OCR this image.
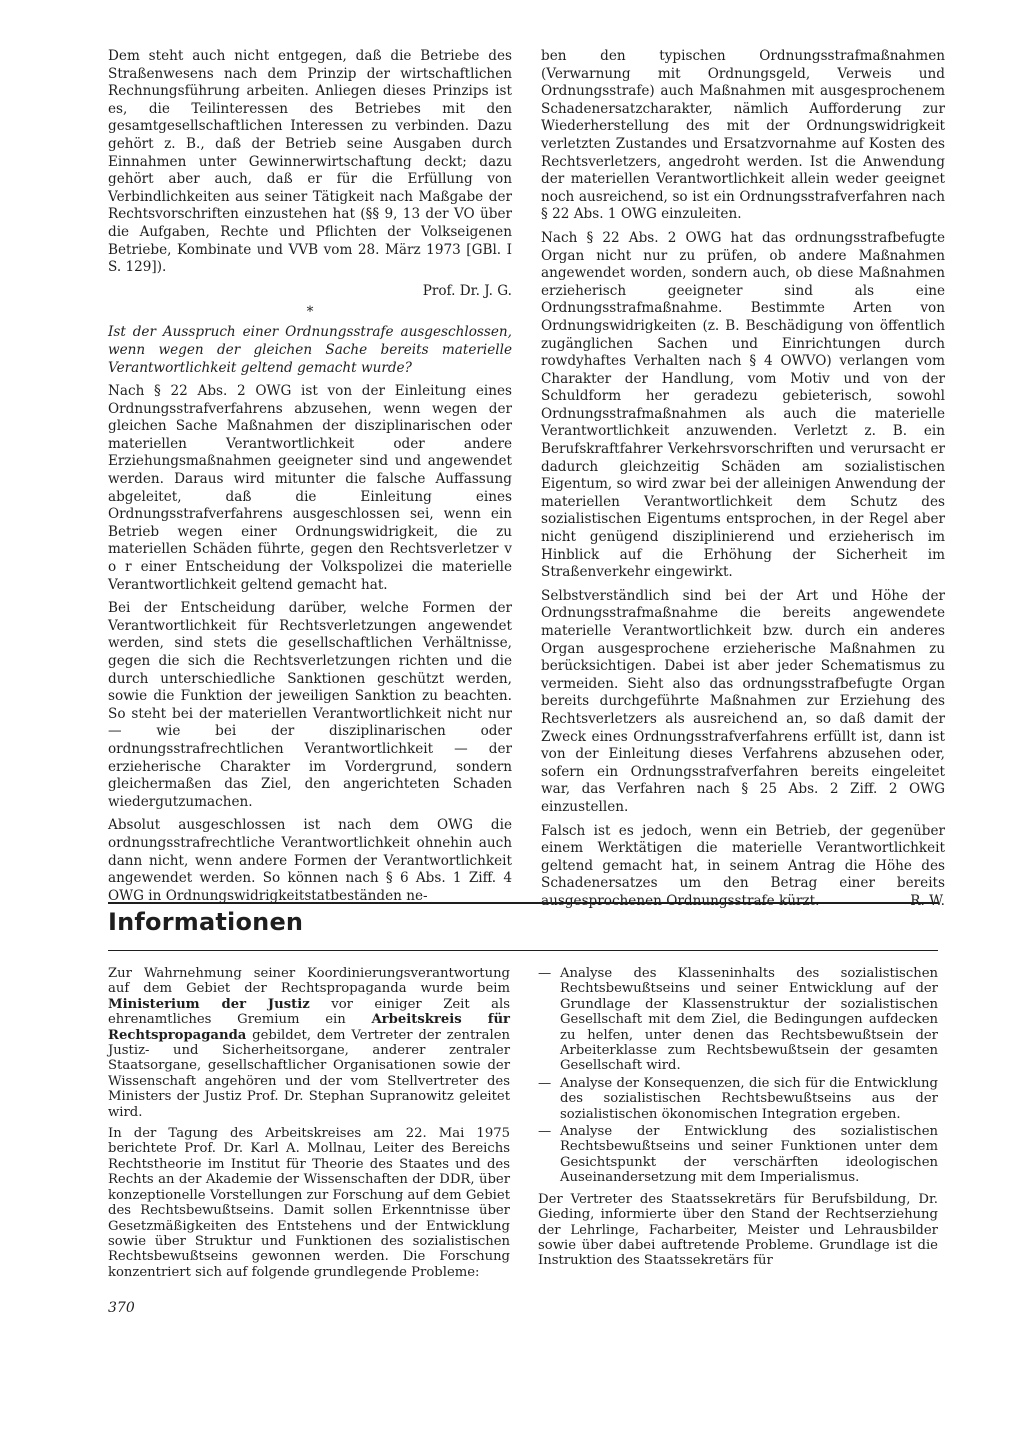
Dem steht auch nicht entgegen, daß die Betriebe des Straßenwesens nach dem Prinzip der wirtschaftlichen Rechnungsführung arbeiten. Anliegen dieses Prinzips ist es, die Teilinteressen des Betriebes mit den gesamtgesellschaftlichen Interessen zu verbinden. Dazu gehört z. B., daß der Betrieb seine Ausgaben durch Einnahmen unter Gewinnerwirtschaftung deckt; dazu gehört aber auch, daß er für die Erfüllung von Verbindlichkeiten aus seiner Tätigkeit nach Maßgabe der Rechtsvorschriften einzustehen hat (§§ 9, 13 der VO über die Aufgaben, Rechte und Pflichten der Volkseigenen Betriebe, Kombinate und VVB vom 28. März 1973 [GBl. I S. 129]).

Prof. Dr. J. G.

*

Ist der Ausspruch einer Ordnungsstrafe ausgeschlossen, wenn wegen der gleichen Sache bereits materielle Verantwortlichkeit geltend gemacht wurde?

Nach § 22 Abs. 2 OWG ist von der Einleitung eines Ordnungsstrafverfahrens abzusehen, wenn wegen der gleichen Sache Maßnahmen der disziplinarischen oder materiellen Verantwortlichkeit oder andere Erziehungsmaßnahmen geeigneter sind und angewendet werden. Daraus wird mitunter die falsche Auffassung abgeleitet, daß die Einleitung eines Ordnungsstrafverfahrens ausgeschlossen sei, wenn ein Betrieb wegen einer Ordnungswidrigkeit, die zu materiellen Schäden führte, gegen den Rechtsverletzer v o r einer Entscheidung der Volkspolizei die materielle Verantwortlichkeit geltend gemacht hat.

Bei der Entscheidung darüber, welche Formen der Verantwortlichkeit für Rechtsverletzungen angewendet werden, sind stets die gesellschaftlichen Verhältnisse, gegen die sich die Rechtsverletzungen richten und die durch unterschiedliche Sanktionen geschützt werden, sowie die Funktion der jeweiligen Sanktion zu beachten. So steht bei der materiellen Verantwortlichkeit nicht nur — wie bei der disziplinarischen oder ordnungsstrafrechtlichen Verantwortlichkeit — der erzieherische Charakter im Vordergrund, sondern gleichermaßen das Ziel, den angerichteten Schaden wiedergutzumachen.

Absolut ausgeschlossen ist nach dem OWG die ordnungsstrafrechtliche Verantwortlichkeit ohnehin auch dann nicht, wenn andere Formen der Verantwortlichkeit angewendet werden. So können nach § 6 Abs. 1 Ziff. 4 OWG in Ordnungswidrigkeitstatbeständen ne-

ben den typischen Ordnungsstrafmaßnahmen (Verwarnung mit Ordnungsgeld, Verweis und Ordnungsstrafe) auch Maßnahmen mit ausgesprochenem Schadenersatzcharakter, nämlich Aufforderung zur Wiederherstellung des mit der Ordnungswidrigkeit verletzten Zustandes und Ersatzvornahme auf Kosten des Rechtsverletzers, angedroht werden. Ist die Anwendung der materiellen Verantwortlichkeit allein weder geeignet noch ausreichend, so ist ein Ordnungsstrafverfahren nach § 22 Abs. 1 OWG einzuleiten.

Nach § 22 Abs. 2 OWG hat das ordnungsstrafbefugte Organ nicht nur zu prüfen, ob andere Maßnahmen angewendet worden, sondern auch, ob diese Maßnahmen erzieherisch geeigneter sind als eine Ordnungsstrafmaßnahme. Bestimmte Arten von Ordnungswidrigkeiten (z. B. Beschädigung von öffentlich zugänglichen Sachen und Einrichtungen durch rowdyhaftes Verhalten nach § 4 OWVO) verlangen vom Charakter der Handlung, vom Motiv und von der Schuldform her geradezu gebieterisch, sowohl Ordnungsstrafmaßnahmen als auch die materielle Verantwortlichkeit anzuwenden. Verletzt z. B. ein Berufskraftfahrer Verkehrsvorschriften und verursacht er dadurch gleichzeitig Schäden am sozialistischen Eigentum, so wird zwar bei der alleinigen Anwendung der materiellen Verantwortlichkeit dem Schutz des sozialistischen Eigentums entsprochen, in der Regel aber nicht genügend disziplinierend und erzieherisch im Hinblick auf die Erhöhung der Sicherheit im Straßenverkehr eingewirkt.

Selbstverständlich sind bei der Art und Höhe der Ordnungsstrafmaßnahme die bereits angewendete materielle Verantwortlichkeit bzw. durch ein anderes Organ ausgesprochene erzieherische Maßnahmen zu berücksichtigen. Dabei ist aber jeder Schematismus zu vermeiden. Sieht also das ordnungsstrafbefugte Organ bereits durchgeführte Maßnahmen zur Erziehung des Rechtsverletzers als ausreichend an, so daß damit der Zweck eines Ordnungsstrafverfahrens erfüllt ist, dann ist von der Einleitung dieses Verfahrens abzusehen oder, sofern ein Ordnungsstrafverfahren bereits eingeleitet war, das Verfahren nach § 25 Abs. 2 Ziff. 2 OWG einzustellen.

Falsch ist es jedoch, wenn ein Betrieb, der gegenüber einem Werktätigen die materielle Verantwortlichkeit geltend gemacht hat, in seinem Antrag die Höhe des Schadenersatzes um den Betrag einer bereits ausgesprochenen Ordnungsstrafe kürzt.	R. W.

Informationen

Zur Wahrnehmung seiner Koordinierungsverantwortung auf dem Gebiet der Rechtspropaganda wurde beim Ministerium der Justiz vor einiger Zeit als ehrenamtliches Gremium ein Arbeitskreis für Rechtspropaganda gebildet, dem Vertreter der zentralen Justiz- und Sicherheitsorgane, anderer zentraler Staatsorgane, gesellschaftlicher Organisationen sowie der Wissenschaft angehören und der vom Stellvertreter des Ministers der Justiz Prof. Dr. Stephan Supranowitz geleitet wird.

In der Tagung des Arbeitskreises am 22. Mai 1975 berichtete Prof. Dr. Karl A. Mollnau, Leiter des Bereichs Rechtstheorie im Institut für Theorie des Staates und des Rechts an der Akademie der Wissenschaften der DDR, über konzeptionelle Vorstellungen zur Forschung auf dem Gebiet des Rechtsbewußtseins. Damit sollen Erkenntnisse über Gesetzmäßigkeiten des Entstehens und der Entwicklung sowie über Struktur und Funktionen des sozialistischen Rechtsbewußtseins gewonnen werden. Die Forschung konzentriert sich auf folgende grundlegende Probleme:

— Analyse des Klasseninhalts des sozialistischen Rechtsbewußtseins und seiner Entwicklung auf der Grundlage der Klassenstruktur der sozialistischen Gesellschaft mit dem Ziel, die Bedingungen aufdecken zu helfen, unter denen das Rechtsbewußtsein der Arbeiterklasse zum Rechtsbewußtsein der gesamten Gesellschaft wird.
— Analyse der Konsequenzen, die sich für die Entwicklung des sozialistischen Rechtsbewußtseins aus der sozialistischen ökonomischen Integration ergeben.
— Analyse der Entwicklung des sozialistischen Rechtsbewußtseins und seiner Funktionen unter dem Gesichtspunkt der verschärften ideologischen Auseinandersetzung mit dem Imperialismus.

Der Vertreter des Staatssekretärs für Berufsbildung, Dr. Gieding, informierte über den Stand der Rechtserziehung der Lehrlinge, Facharbeiter, Meister und Lehrausbilder sowie über dabei auftretende Probleme. Grundlage ist die Instruktion des Staatssekretärs für

370
